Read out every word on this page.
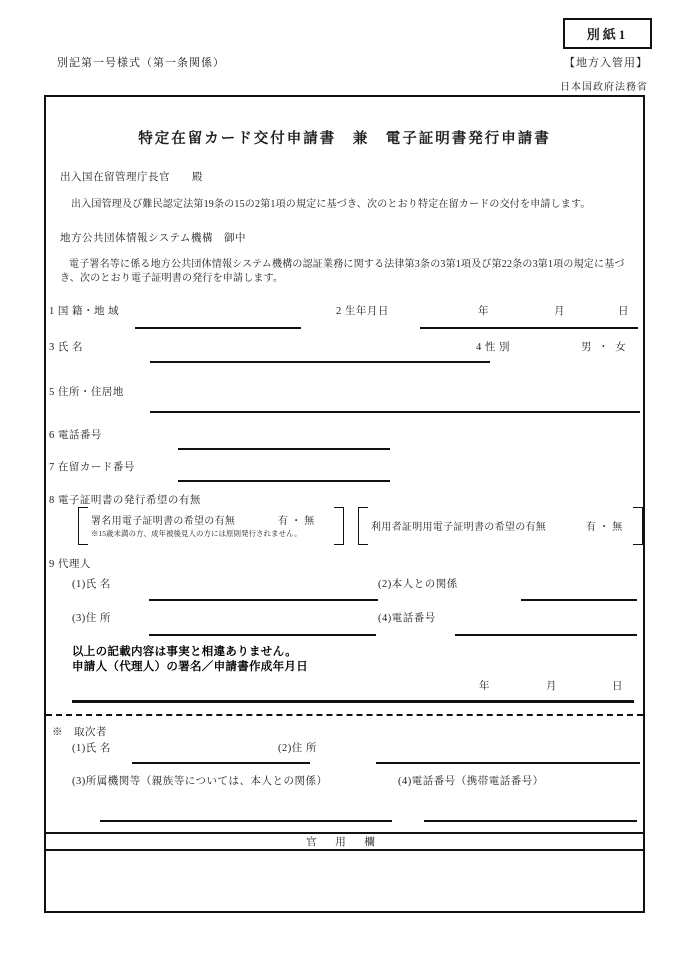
別紙1
別記第一号様式（第一条関係）	【地方入管用】
日本国政府法務省
特定在留カード交付申請書　兼　電子証明書発行申請書
出入国在留管理庁長官　　殿
出入国管理及び難民認定法第19条の15の2第1項の規定に基づき、次のとおり特定在留カードの交付を申請します。
地方公共団体情報システム機構　御中
電子署名等に係る地方公共団体情報システム機構の認証業務に関する法律第3条の3第1項及び第22条の3第1項の規定に基づき、次のとおり電子証明書の発行を申請します。
1 国 籍・地 域	2 生年月日	年	月	日
3 氏 名	4 性 別	男 ・ 女
5 住所・住居地
6 電話番号
7 在留カード番号
8 電子証明書の発行希望の有無
署名用電子証明書の希望の有無	有 ・ 無
※15歳未満の方、成年被後見人の方には原則発行されません。
利用者証明用電子証明書の希望の有無	有 ・ 無
9 代理人
(1)氏 名	(2)本人との関係
(3)住 所	(4)電話番号
以上の記載内容は事実と相違ありません。
申請人（代理人）の署名／申請書作成年月日
年	月	日
※　取次者
(1)氏 名	(2)住 所
(3)所属機関等（親族等については、本人との関係）	(4)電話番号（携帯電話番号）
官 用 欄
